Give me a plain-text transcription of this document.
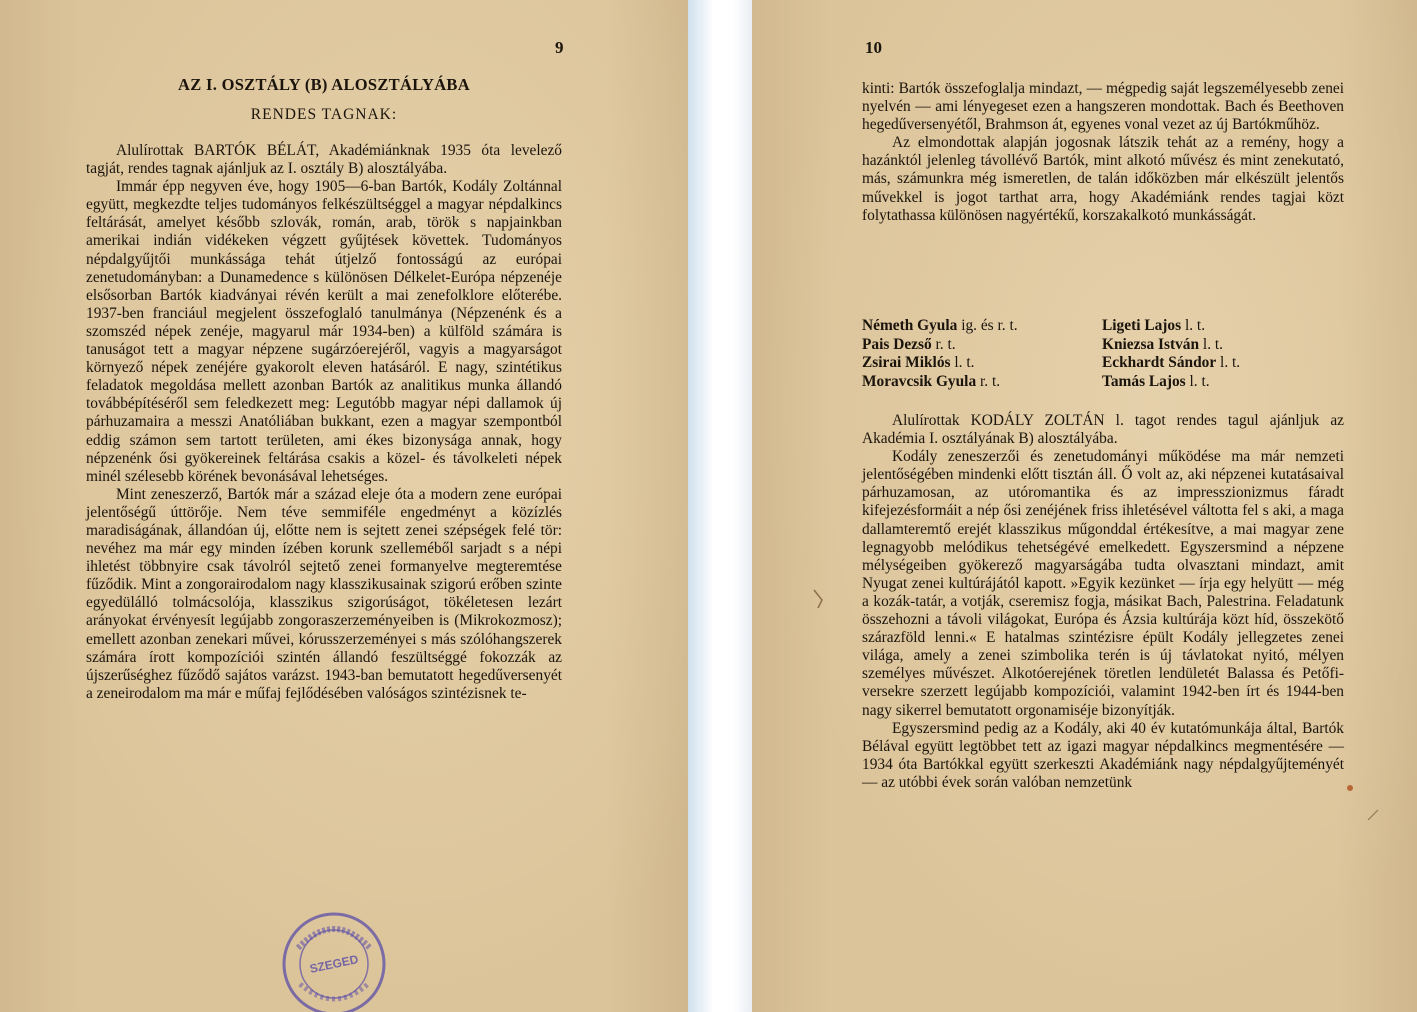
9
AZ I. OSZTÁLY (B) ALOSZTÁLYÁBA
RENDES TAGNAK:

Alulírottak BARTÓK BÉLÁT, Akadémiánknak 1935 óta levelező tagját, rendes tagnak ajánljuk az I. osztály B) alosztályába.

Immár épp negyven éve, hogy 1905—6-ban Bartók, Kodály Zoltánnal együtt, megkezdte teljes tudományos felkészültséggel a magyar népdalkincs feltárását, amelyet később szlovák, román, arab, török s napjainkban amerikai indián vidékeken végzett gyűjtések követtek. Tudományos népdalgyűjtői munkássága tehát útjelző fontosságú az európai zenetudományban: a Dunamedence s különösen Délkelet-Európa népzenéje elsősorban Bartók kiadványai révén került a mai zenefolklore előterébe. 1937-ben franciául megjelent összefoglaló tanulmánya (Népzenénk és a szomszéd népek zenéje, magyarul már 1934-ben) a külföld számára is tanuságot tett a magyar népzene sugárzóerejéről, vagyis a magyarságot környező népek zenéjére gyakorolt eleven hatásáról. E nagy, szintétikus feladatok megoldása mellett azonban Bartók az analitikus munka állandó továbbépítéséről sem feledkezett meg: Legutóbb magyar népi dallamok új párhuzamaira a messzi Anatóliában bukkant, ezen a magyar szempontból eddig számon sem tartott területen, ami ékes bizonysága annak, hogy népzenénk ősi gyökereinek feltárása csakis a közel- és távolkeleti népek minél szélesebb körének bevonásával lehetséges.

Mint zeneszerző, Bartók már a század eleje óta a modern zene európai jelentőségű úttörője. Nem téve semmiféle engedményt a közízlés maradiságának, állandóan új, előtte nem is sejtett zenei szépségek felé tör: nevéhez ma már egy minden ízében korunk szelleméből sarjadt s a népi ihletést többnyire csak távolról sejtető zenei formanyelve megteremtése fűződik. Mint a zongorairodalom nagy klasszikusainak szigorú erőben szinte egyedülálló tolmácsolója, klasszikus szigorúságot, tökéletesen lezárt arányokat érvényesít legújabb zongoraszerzeményeiben is (Mikrokozmosz); emellett azonban zenekari művei, kórusszerzeményei s más szólóhangszerek számára írott kompozíciói szintén állandó feszültséggé fokozzák az újszerűséghez fűződő sajátos varázst. 1943-ban bemutatott hegedűversenyét a zeneirodalom ma már e műfaj fejlődésében valóságos szintézisnek te-

SZEGED
10

kinti: Bartók összefoglalja mindazt, — mégpedig saját legszemélyesebb zenei nyelvén — ami lényegeset ezen a hangszeren mondottak. Bach és Beethoven hegedűversenyétől, Brahmson át, egyenes vonal vezet az új Bartókműhöz.

Az elmondottak alapján jogosnak látszik tehát az a remény, hogy a hazánktól jelenleg távollévő Bartók, mint alkotó művész és mint zenekutató, más, számunkra még ismeretlen, de talán időközben már elkészült jelentős művekkel is jogot tarthat arra, hogy Akadémiánk rendes tagjai közt folytathassa különösen nagyértékű, korszakalkotó munkásságát.

Németh Gyula ig. és r. t.
Pais Dezső r. t.
Zsirai Miklós l. t.
Moravcsik Gyula r. t.
Ligeti Lajos l. t.
Kniezsa István l. t.
Eckhardt Sándor l. t.
Tamás Lajos l. t.

Alulírottak KODÁLY ZOLTÁN l. tagot rendes tagul ajánljuk az Akadémia I. osztályának B) alosztályába.

Kodály zeneszerzői és zenetudományi működése ma már nemzeti jelentőségében mindenki előtt tisztán áll. Ő volt az, aki népzenei kutatásaival párhuzamosan, az utóromantika és az impresszionizmus fáradt kifejezésformáit a nép ősi zenéjének friss ihletésével váltotta fel s aki, a maga dallamteremtő erejét klasszikus műgonddal értékesítve, a mai magyar zene legnagyobb melódikus tehetségévé emelkedett. Egyszersmind a népzene mélységeiben gyökerező magyarságába tudta olvasztani mindazt, amit Nyugat zenei kultúrájától kapott. »Egyik kezünket — írja egy helyütt — még a kozák-tatár, a votják, cseremisz fogja, másikat Bach, Palestrina. Feladatunk összehozni a távoli világokat, Európa és Ázsia kultúrája közt híd, összekötő szárazföld lenni.« E hatalmas szintézisre épült Kodály jellegzetes zenei világa, amely a zenei szimbolika terén is új távlatokat nyitó, mélyen személyes művészet. Alkotóerejének töretlen lendületét Balassa és Petőfi-versekre szerzett legújabb kompozíciói, valamint 1942-ben írt és 1944-ben nagy sikerrel bemutatott orgonamiséje bizonyítják.

Egyszersmind pedig az a Kodály, aki 40 év kutatómunkája által, Bartók Bélával együtt legtöbbet tett az igazi magyar népdalkincs megmentésére — 1934 óta Bartókkal együtt szerkeszti Akadémiánk nagy népdalgyűjteményét — az utóbbi évek során valóban nemzetünk
